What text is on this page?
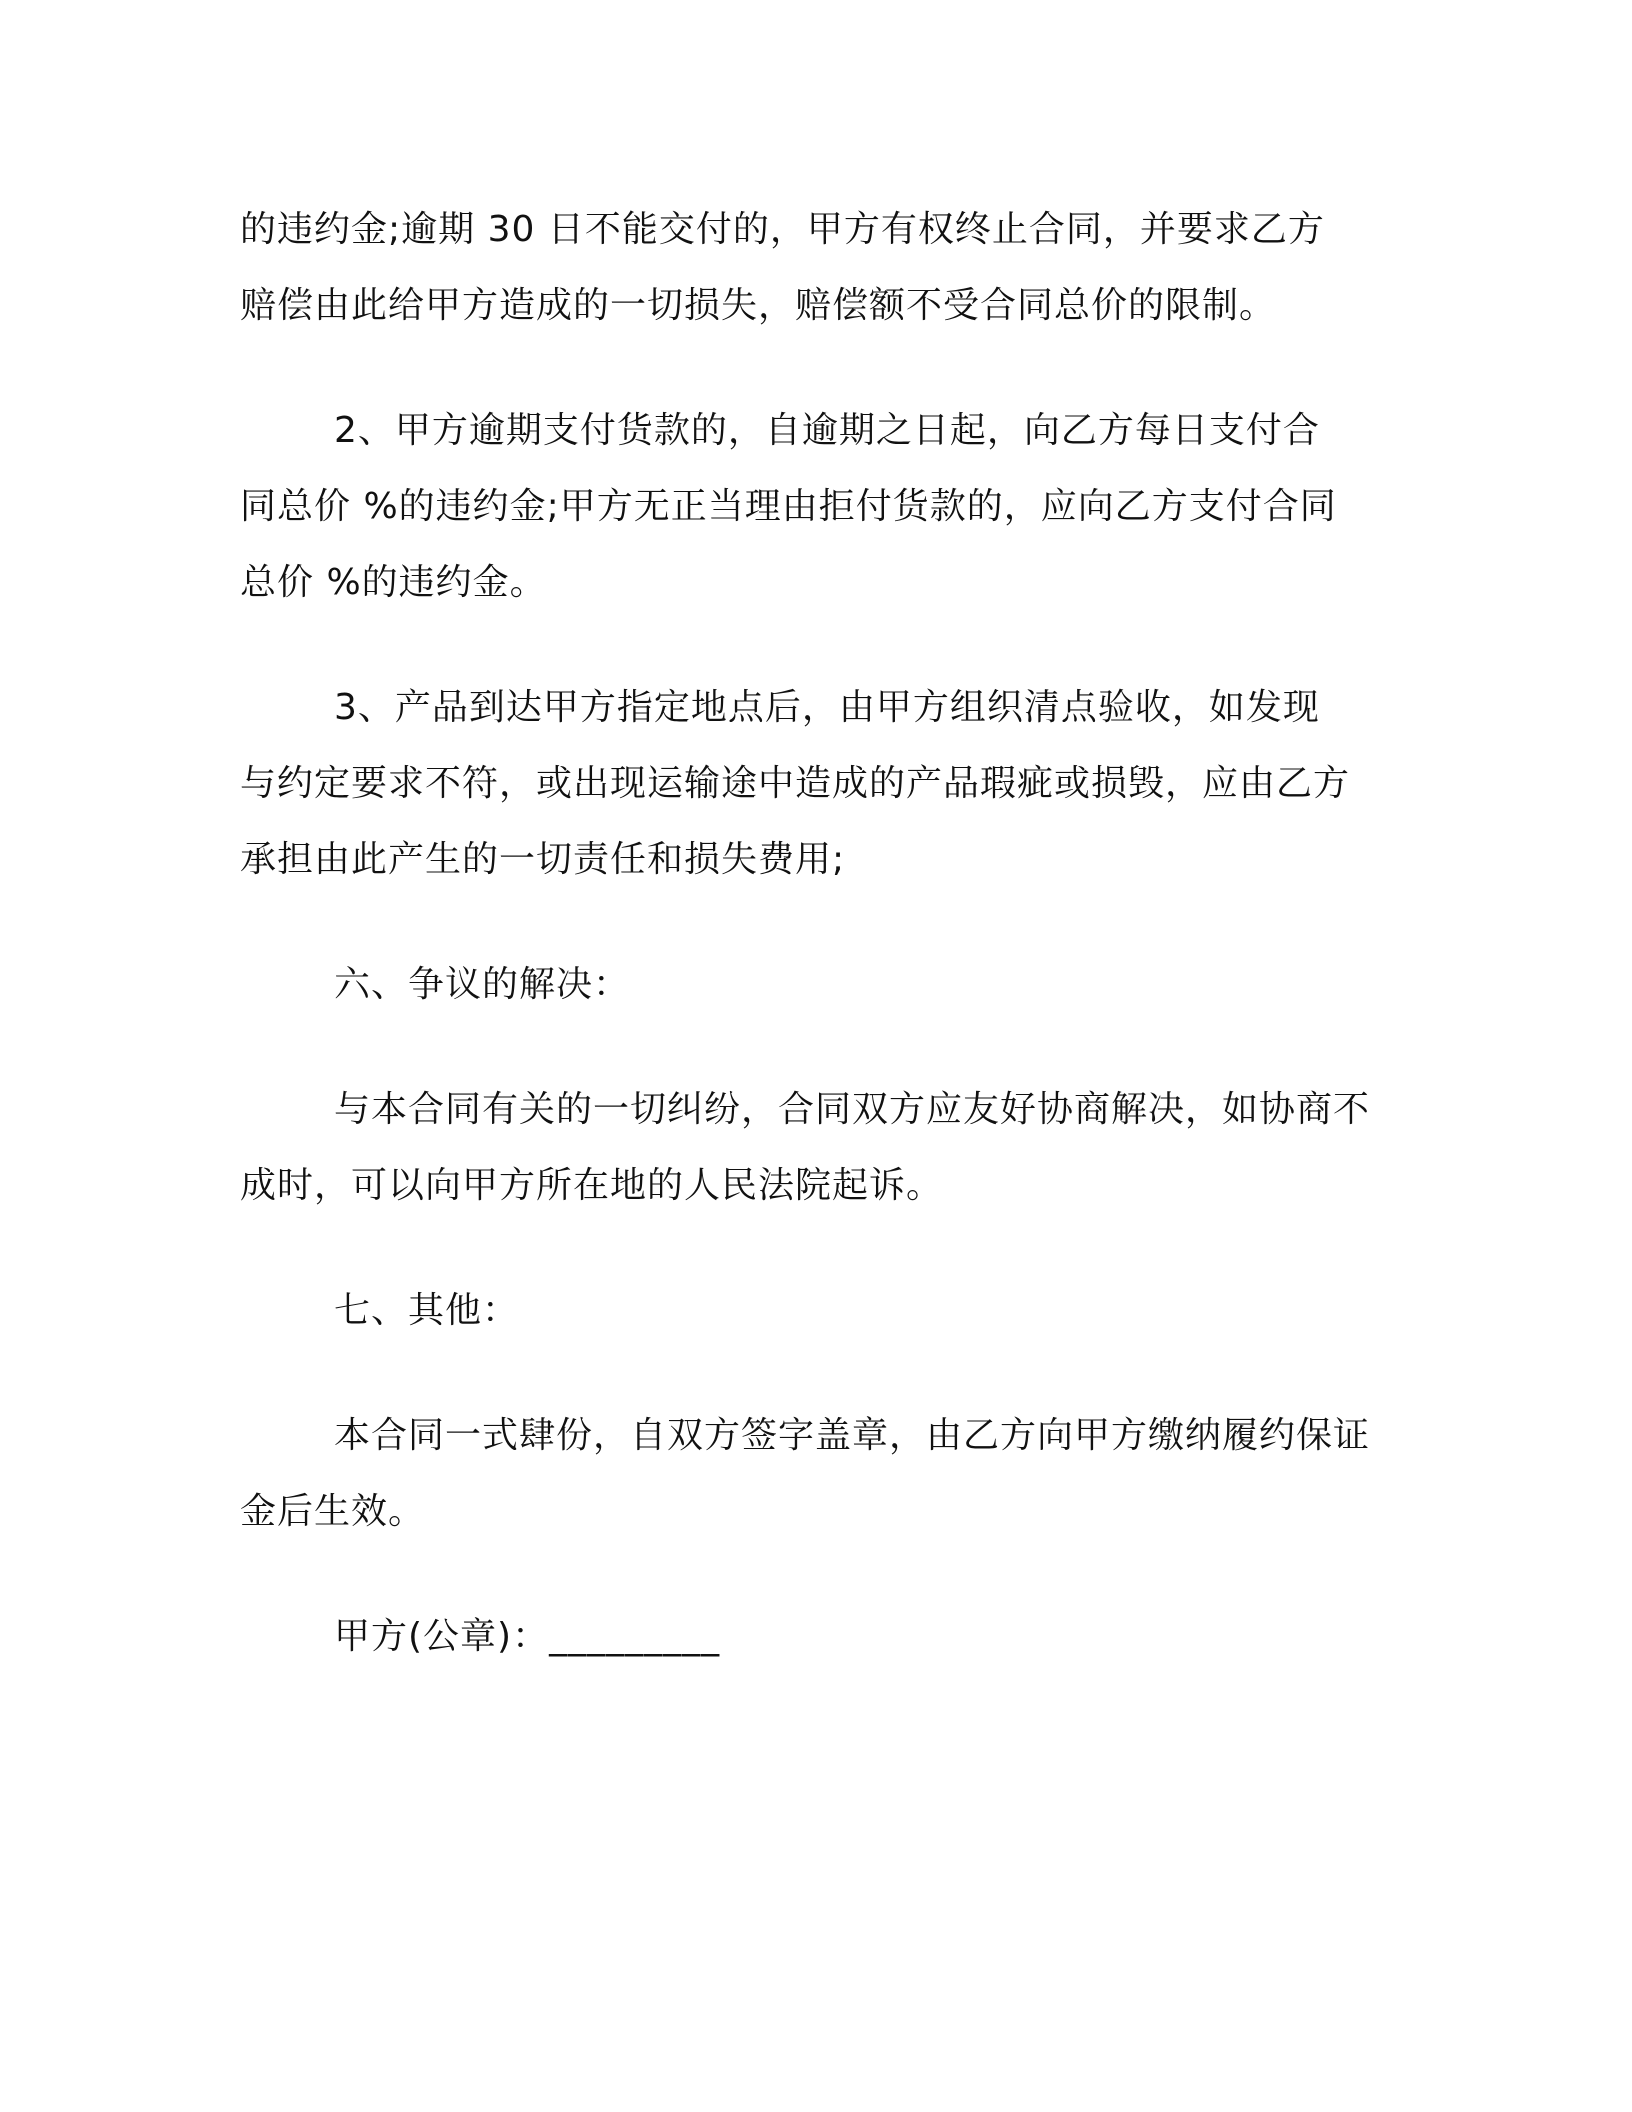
的违约金;逾期 30 日不能交付的，甲方有权终止合同，并要求乙方赔偿由此给甲方造成的一切损失，赔偿额不受合同总价的限制。

2、甲方逾期支付货款的，自逾期之日起，向乙方每日支付合同总价 %的违约金;甲方无正当理由拒付货款的，应向乙方支付合同总价 %的违约金。

3、产品到达甲方指定地点后，由甲方组织清点验收，如发现与约定要求不符，或出现运输途中造成的产品瑕疵或损毁，应由乙方承担由此产生的一切责任和损失费用;

六、争议的解决：

与本合同有关的一切纠纷，合同双方应友好协商解决，如协商不成时，可以向甲方所在地的人民法院起诉。

七、其他：

本合同一式肆份，自双方签字盖章，由乙方向甲方缴纳履约保证金后生效。

甲方(公章)：_________
